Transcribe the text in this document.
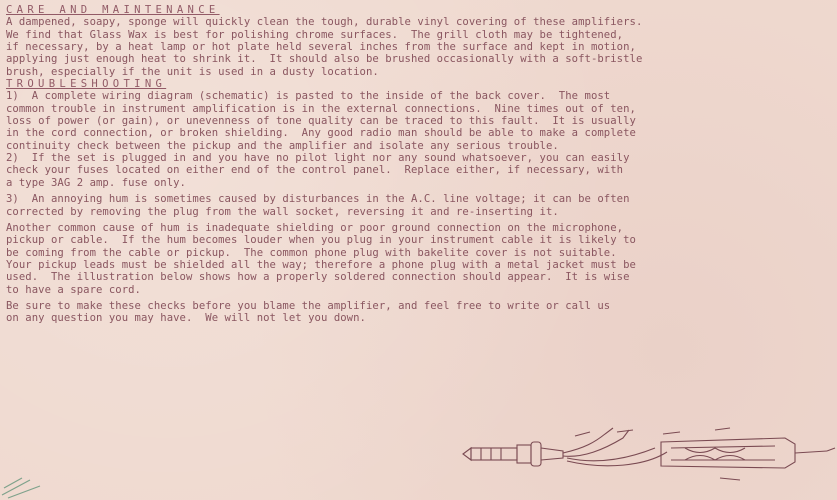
CARE AND MAINTENANCE
A dampened, soapy, sponge will quickly clean the tough, durable vinyl covering of these amplifiers.
We find that Glass Wax is best for polishing chrome surfaces.  The grill cloth may be tightened,
if necessary, by a heat lamp or hot plate held several inches from the surface and kept in motion,
applying just enough heat to shrink it.  It should also be brushed occasionally with a soft-bristle
brush, especially if the unit is used in a dusty location.
TROUBLESHOOTING
1)  A complete wiring diagram (schematic) is pasted to the inside of the back cover.  The most
common trouble in instrument amplification is in the external connections.  Nine times out of ten,
loss of power (or gain), or unevenness of tone quality can be traced to this fault.  It is usually
in the cord connection, or broken shielding.  Any good radio man should be able to make a complete
continuity check between the pickup and the amplifier and isolate any serious trouble.
2)  If the set is plugged in and you have no pilot light nor any sound whatsoever, you can easily
check your fuses located on either end of the control panel.  Replace either, if necessary, with
a type 3AG 2 amp. fuse only.
3)  An annoying hum is sometimes caused by disturbances in the A.C. line voltage; it can be often
corrected by removing the plug from the wall socket, reversing it and re-inserting it.
Another common cause of hum is inadequate shielding or poor ground connection on the microphone,
pickup or cable.  If the hum becomes louder when you plug in your instrument cable it is likely to
be coming from the cable or pickup.  The common phone plug with bakelite cover is not suitable.
Your pickup leads must be shielded all the way; therefore a phone plug with a metal jacket must be
used.  The illustration below shows how a properly soldered connection should appear.  It is wise
to have a spare cord.
Be sure to make these checks before you blame the amplifier, and feel free to write or call us
on any question you may have.  We will not let you down.
